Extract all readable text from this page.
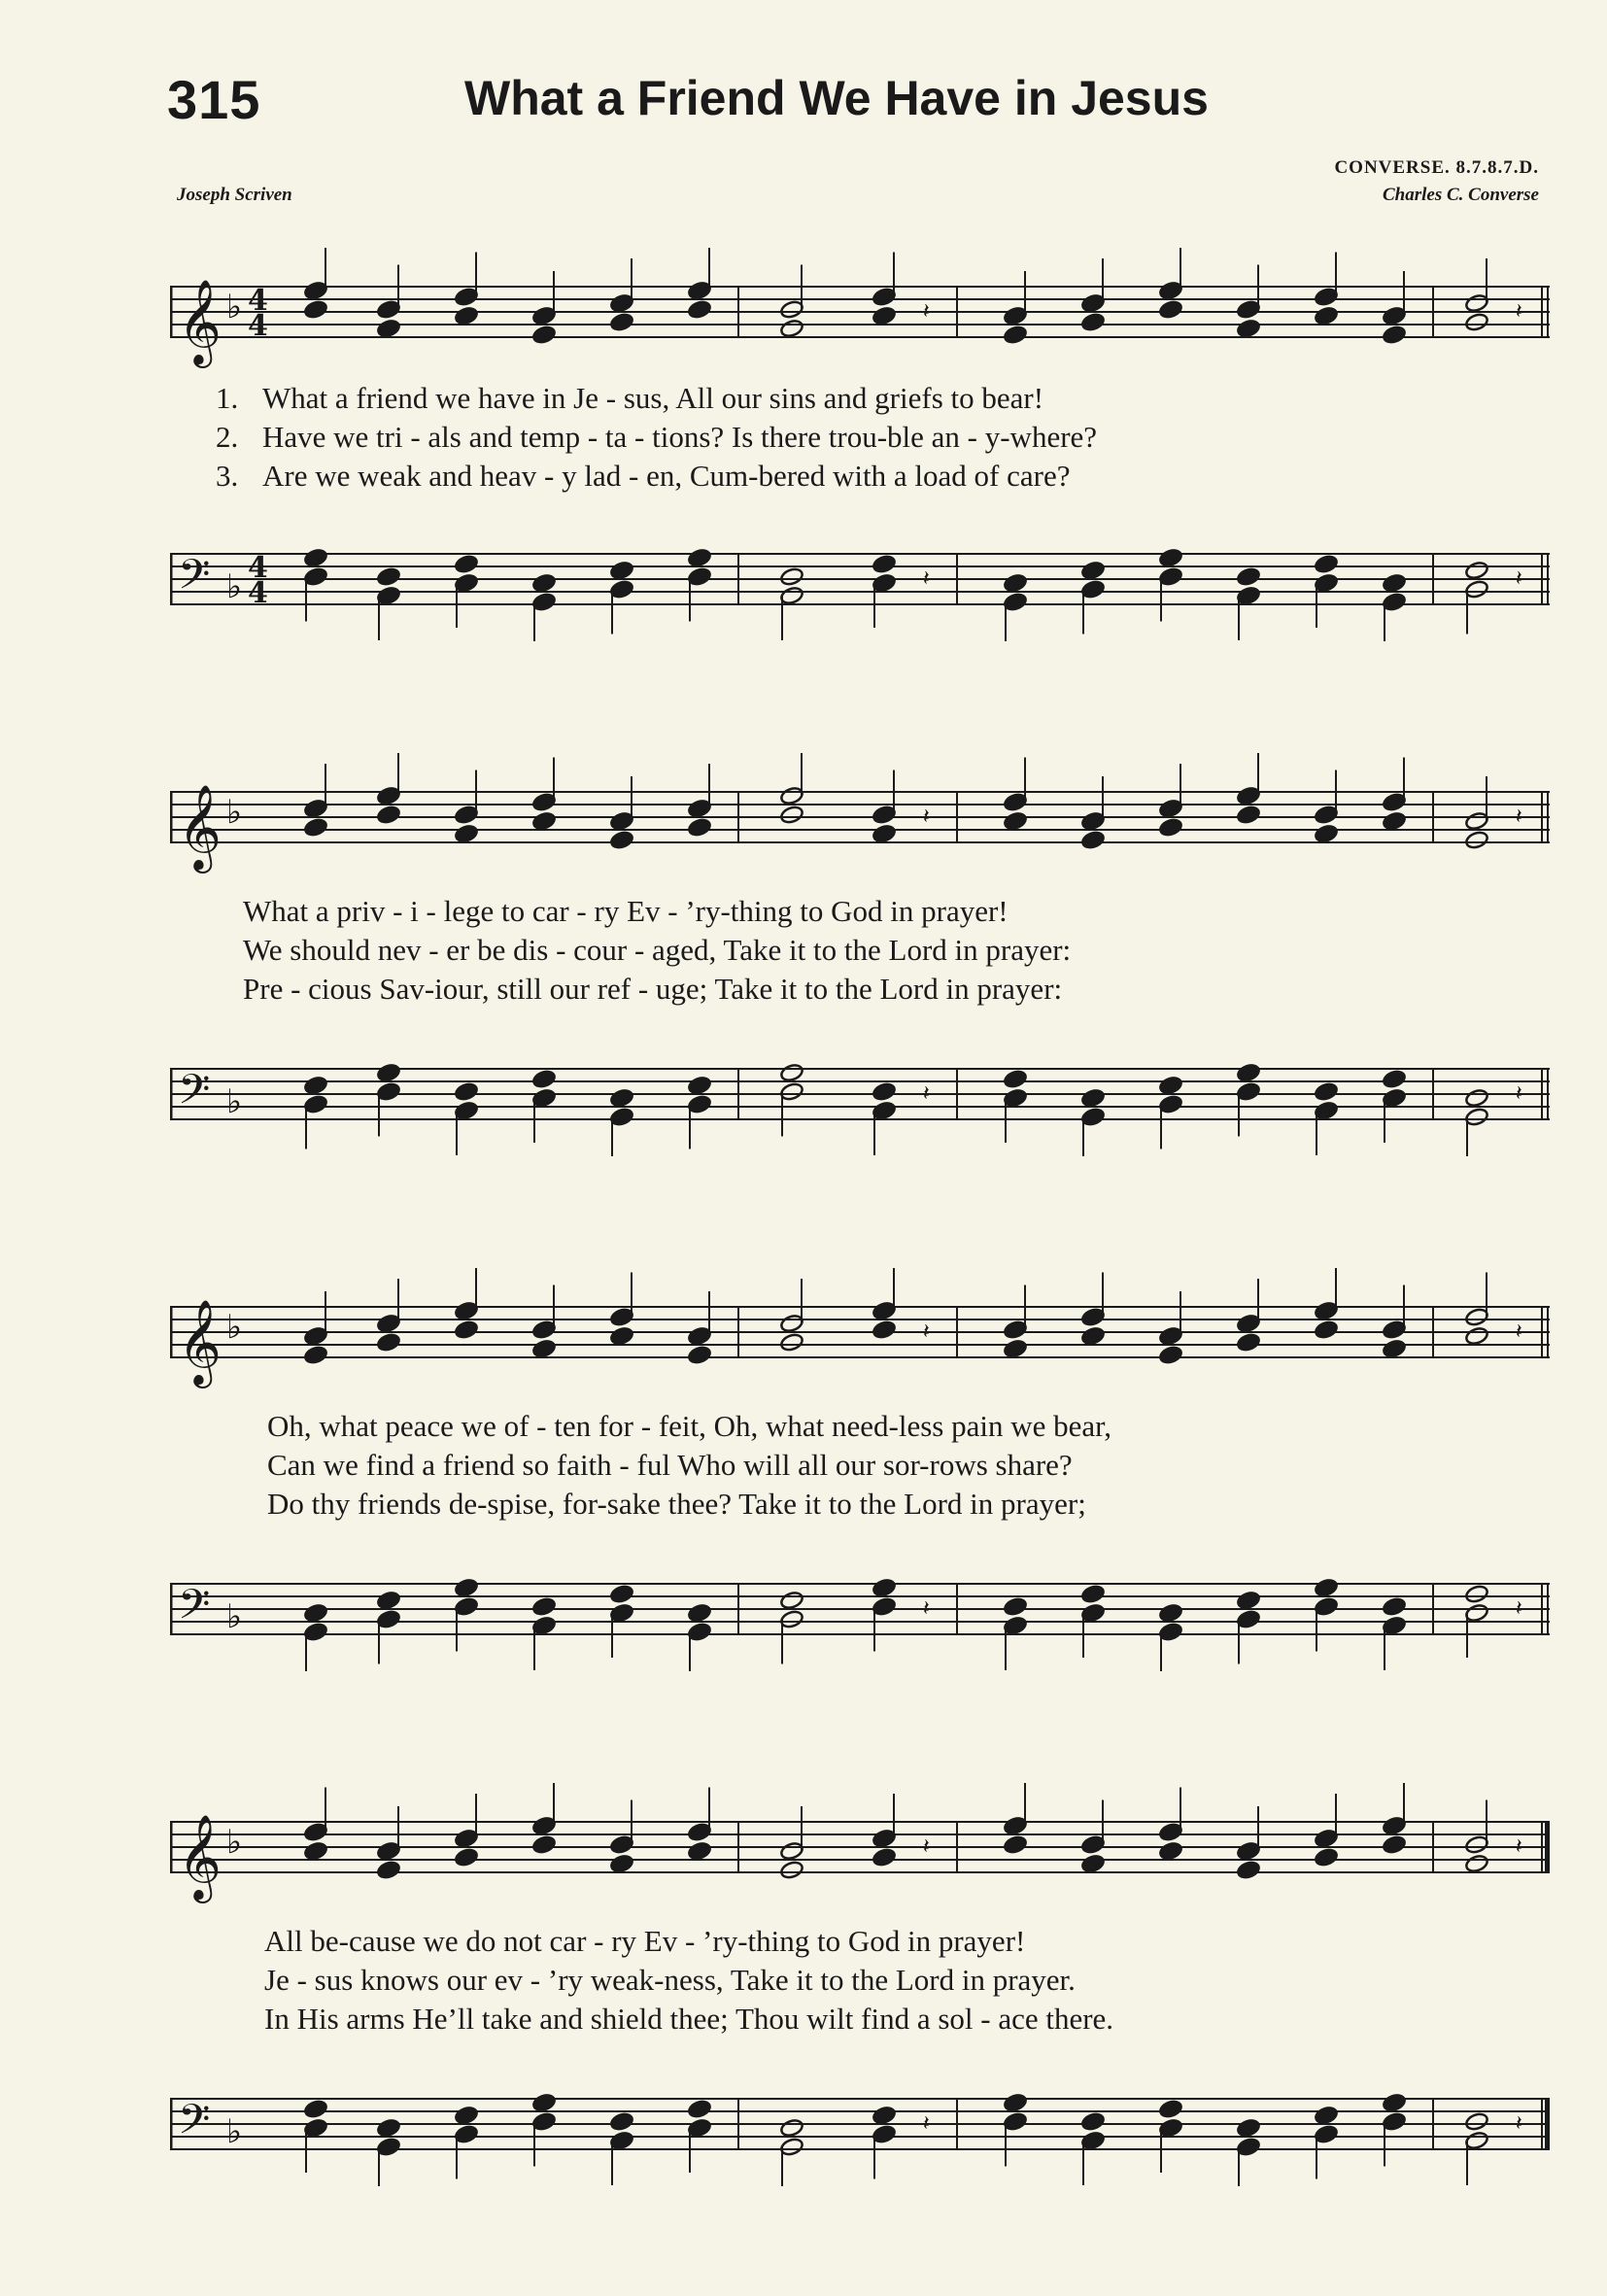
315	What a Friend We Have in Jesus
CONVERSE. 8.7.8.7.D.
Charles C. Converse
Joseph Scriven
𝄞 ♭ 4
4	𝄽	𝄽
1. What a friend we have in Je - sus, All our sins and griefs to bear!
2. Have we tri - als and temp - ta - tions? Is there trou-ble an - y-where?
3. Are we weak and heav - y lad - en, Cum-bered with a load of care?
𝄢 ♭ 4
4	𝄽	𝄽
𝄞 ♭	𝄽	𝄽
What a priv - i - lege to car - ry Ev - ’ry-thing to God in prayer!
We should nev - er be dis - cour - aged, Take it to the Lord in prayer:
Pre - cious Sav-iour, still our ref - uge; Take it to the Lord in prayer:
𝄢 ♭	𝄽	𝄽
𝄞 ♭	𝄽	𝄽
Oh, what peace we of - ten for - feit, Oh, what need-less pain we bear,
Can we find a friend so faith - ful Who will all our sor-rows share?
Do thy friends de-spise, for-sake thee? Take it to the Lord in prayer;
𝄢 ♭	𝄽	𝄽
𝄞 ♭	𝄽	𝄽
All be-cause we do not car - ry Ev - ’ry-thing to God in prayer!
Je - sus knows our ev - ’ry weak-ness, Take it to the Lord in prayer.
In His arms He’ll take and shield thee; Thou wilt find a sol - ace there.
𝄢 ♭	𝄽	𝄽
